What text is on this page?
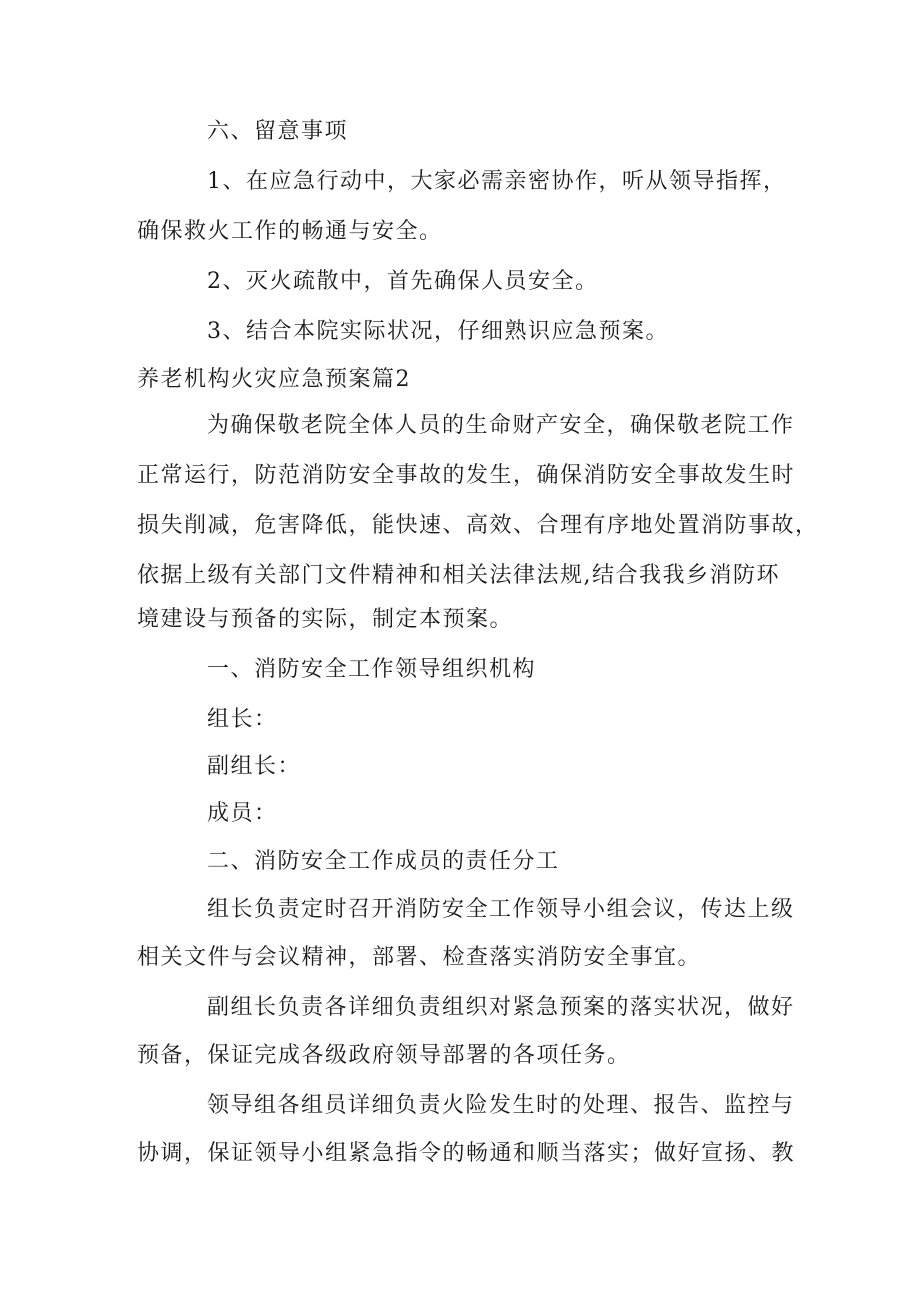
六、留意事项
1、在应急行动中，大家必需亲密协作，听从领导指挥，
确保救火工作的畅通与安全。
2、灭火疏散中，首先确保人员安全。
3、结合本院实际状况，仔细熟识应急预案。
养老机构火灾应急预案篇2
为确保敬老院全体人员的生命财产安全，确保敬老院工作
正常运行，防范消防安全事故的发生，确保消防安全事故发生时
损失削减，危害降低，能快速、高效、合理有序地处置消防事故，
依据上级有关部门文件精神和相关法律法规,结合我我乡消防环
境建设与预备的实际，制定本预案。
一、消防安全工作领导组织机构
组长：
副组长：
成员：
二、消防安全工作成员的责任分工
组长负责定时召开消防安全工作领导小组会议，传达上级
相关文件与会议精神，部署、检查落实消防安全事宜。
副组长负责各详细负责组织对紧急预案的落实状况，做好
预备，保证完成各级政府领导部署的各项任务。
领导组各组员详细负责火险发生时的处理、报告、监控与
协调，保证领导小组紧急指令的畅通和顺当落实；做好宣扬、教
